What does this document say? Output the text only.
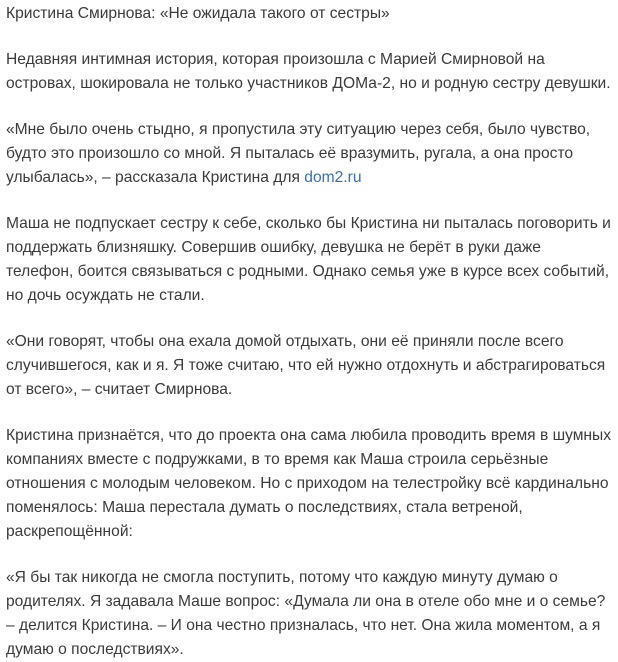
Кристина Смирнова: «Не ожидала такого от сестры»

Недавняя интимная история, которая произошла с Марией Смирновой на островах, шокировала не только участников ДОМа-2, но и родную сестру девушки.

«Мне было очень стыдно, я пропустила эту ситуацию через себя, было чувство, будто это произошло со мной. Я пыталась её вразумить, ругала, а она просто улыбалась», – рассказала Кристина для dom2.ru

Маша не подпускает сестру к себе, сколько бы Кристина ни пыталась поговорить и поддержать близняшку. Совершив ошибку, девушка не берёт в руки даже телефон, боится связываться с родными. Однако семья уже в курсе всех событий, но дочь осуждать не стали.

«Они говорят, чтобы она ехала домой отдыхать, они её приняли после всего случившегося, как и я. Я тоже считаю, что ей нужно отдохнуть и абстрагироваться от всего», – считает Смирнова.

Кристина признаётся, что до проекта она сама любила проводить время в шумных компаниях вместе с подружками, в то время как Маша строила серьёзные отношения с молодым человеком. Но с приходом на телестройку всё кардинально поменялось: Маша перестала думать о последствиях, стала ветреной, раскрепощённой:

«Я бы так никогда не смогла поступить, потому что каждую минуту думаю о родителях. Я задавала Маше вопрос: «Думала ли она в отеле обо мне и о семье? – делится Кристина. – И она честно призналась, что нет. Она жила моментом, а я думаю о последствиях».
